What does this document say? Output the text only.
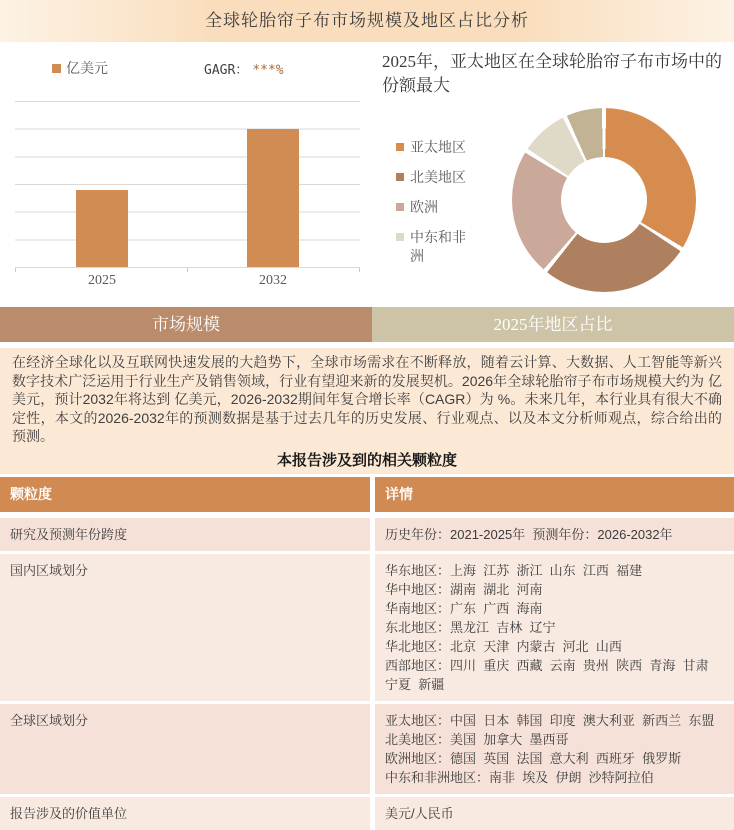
全球轮胎帘子布市场规模及地区占比分析
亿美元	GAGR： ***%
2025	2032
2025年，亚太地区在全球轮胎帘子布市场中的份额最大
亚太地区
北美地区
欧洲
中东和非洲
市场规模	2025年地区占比

在经济全球化以及互联网快速发展的大趋势下，全球市场需求在不断释放，随着云计算、大数据、人工智能等新兴数字技术广泛运用于行业生产及销售领域，行业有望迎来新的发展契机。2026年全球轮胎帘子布市场规模大约为 亿美元，预计2032年将达到 亿美元，2026-2032期间年复合增长率（CAGR）为 %。未来几年，本行业具有很大不确定性，本文的2026-2032年的预测数据是基于过去几年的历史发展、行业观点、以及本文分析师观点，综合给出的预测。

本报告涉及到的相关颗粒度
颗粒度	详情
研究及预测年份跨度	历史年份：2021-2025年  预测年份：2026-2032年
国内区域划分	华东地区：上海  江苏  浙江  山东  江西  福建
华中地区：湖南  湖北  河南
华南地区：广东  广西  海南
东北地区：黑龙江  吉林  辽宁
华北地区：北京  天津  内蒙古  河北  山西
西部地区：四川  重庆  西藏  云南  贵州  陕西  青海  甘肃  宁夏  新疆
全球区域划分	亚太地区：中国  日本  韩国  印度  澳大利亚  新西兰  东盟
北美地区：美国  加拿大  墨西哥
欧洲地区：德国  英国  法国  意大利  西班牙  俄罗斯
中东和非洲地区：南非  埃及  伊朗  沙特阿拉伯
报告涉及的价值单位	美元/人民币
